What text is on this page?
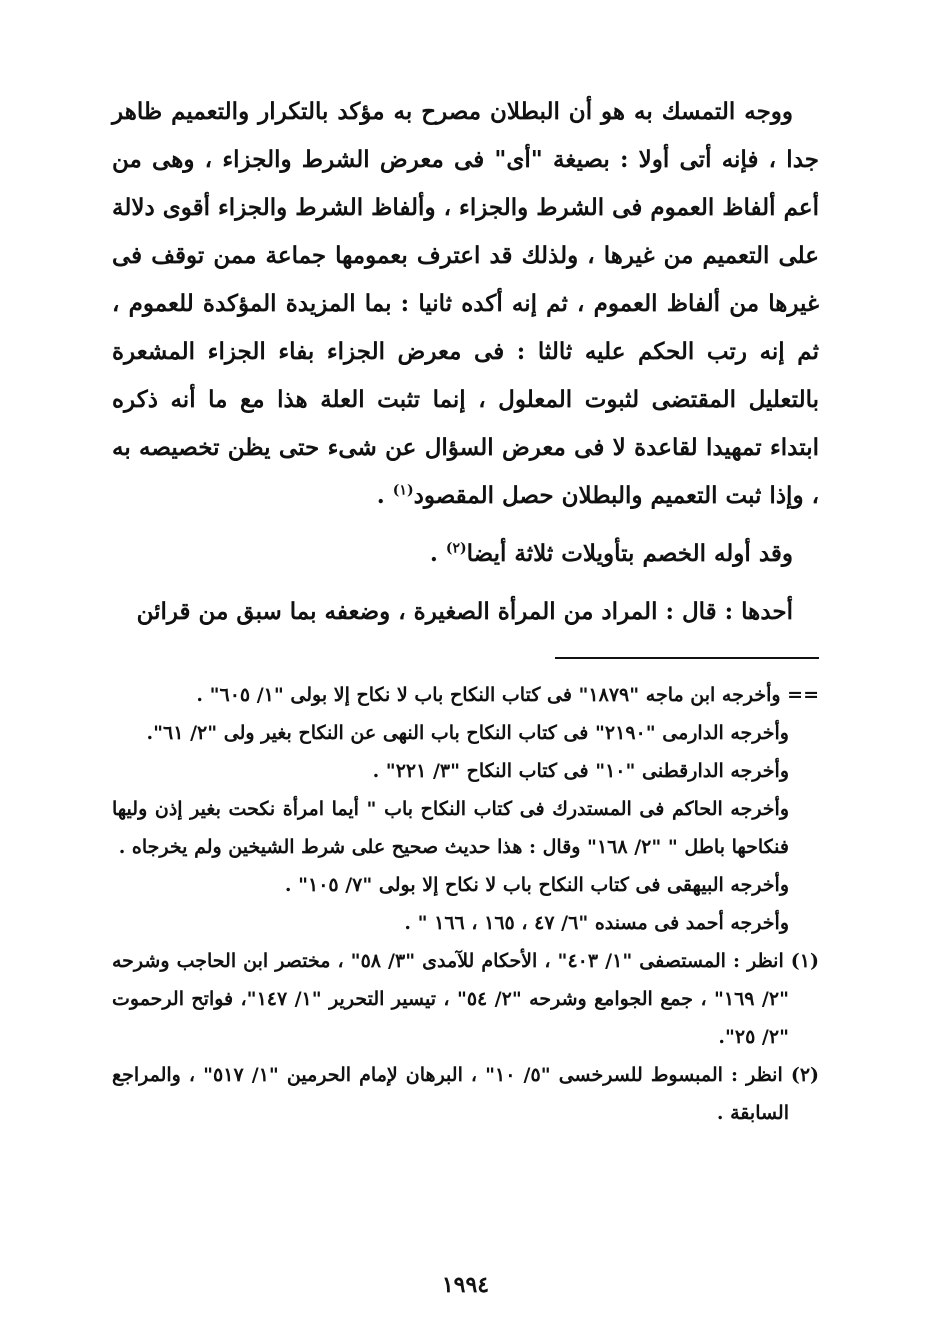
ووجه التمسك به هو أن البطلان مصرح به مؤكد بالتكرار والتعميم ظاهر جدا ، فإنه أتى أولا : بصيغة "أى" فى معرض الشرط والجزاء ، وهى من أعم ألفاظ العموم فى الشرط والجزاء ، وألفاظ الشرط والجزاء أقوى دلالة على التعميم من غيرها ، ولذلك قد اعترف بعمومها جماعة ممن توقف فى غيرها من ألفاظ العموم ، ثم إنه أكده ثانيا : بما المزيدة المؤكدة للعموم ، ثم إنه رتب الحكم عليه ثالثا : فى معرض الجزاء بفاء الجزاء المشعرة بالتعليل المقتضى لثبوت المعلول ، إنما تثبت العلة هذا مع ما أنه ذكره ابتداء تمهيدا لقاعدة لا فى معرض السؤال عن شىء حتى يظن تخصيصه به ، وإذا ثبت التعميم والبطلان حصل المقصود$^{(١)}$ .

وقد أوله الخصم بتأويلات ثلاثة أيضا$^{(٢)}$ .

أحدها : قال : المراد من المرأة الصغيرة ، وضعفه بما سبق من قرائن

== وأخرجه ابن ماجه "١٨٧٩" فى كتاب النكاح باب لا نكاح إلا بولى "١/ ٦٠٥" .

وأخرجه الدارمى "٢١٩٠" فى كتاب النكاح باب النهى عن النكاح بغير ولى "٢/ ٦١".

وأخرجه الدارقطنى "١٠" فى كتاب النكاح "٣/ ٢٢١" .

وأخرجه الحاكم فى المستدرك فى كتاب النكاح باب " أيما امرأة نكحت بغير إذن وليها فنكاحها باطل " "٢/ ١٦٨" وقال : هذا حديث صحيح على شرط الشيخين ولم يخرجاه .

وأخرجه البيهقى فى كتاب النكاح باب لا نكاح إلا بولى "٧/ ١٠٥" .

وأخرجه أحمد فى مسنده "٦/ ٤٧ ، ١٦٥ ، ١٦٦ " .

(١) انظر : المستصفى "١/ ٤٠٣" ، الأحكام للآمدى "٣/ ٥٨" ، مختصر ابن الحاجب وشرحه "٢/ ١٦٩" ، جمع الجوامع وشرحه "٢/ ٥٤" ، تيسير التحرير "١/ ١٤٧"، فواتح الرحموت "٢/ ٢٥".

(٢) انظر : المبسوط للسرخسى "٥/ ١٠" ، البرهان لإمام الحرمين "١/ ٥١٧" ، والمراجع السابقة .

١٩٩٤
